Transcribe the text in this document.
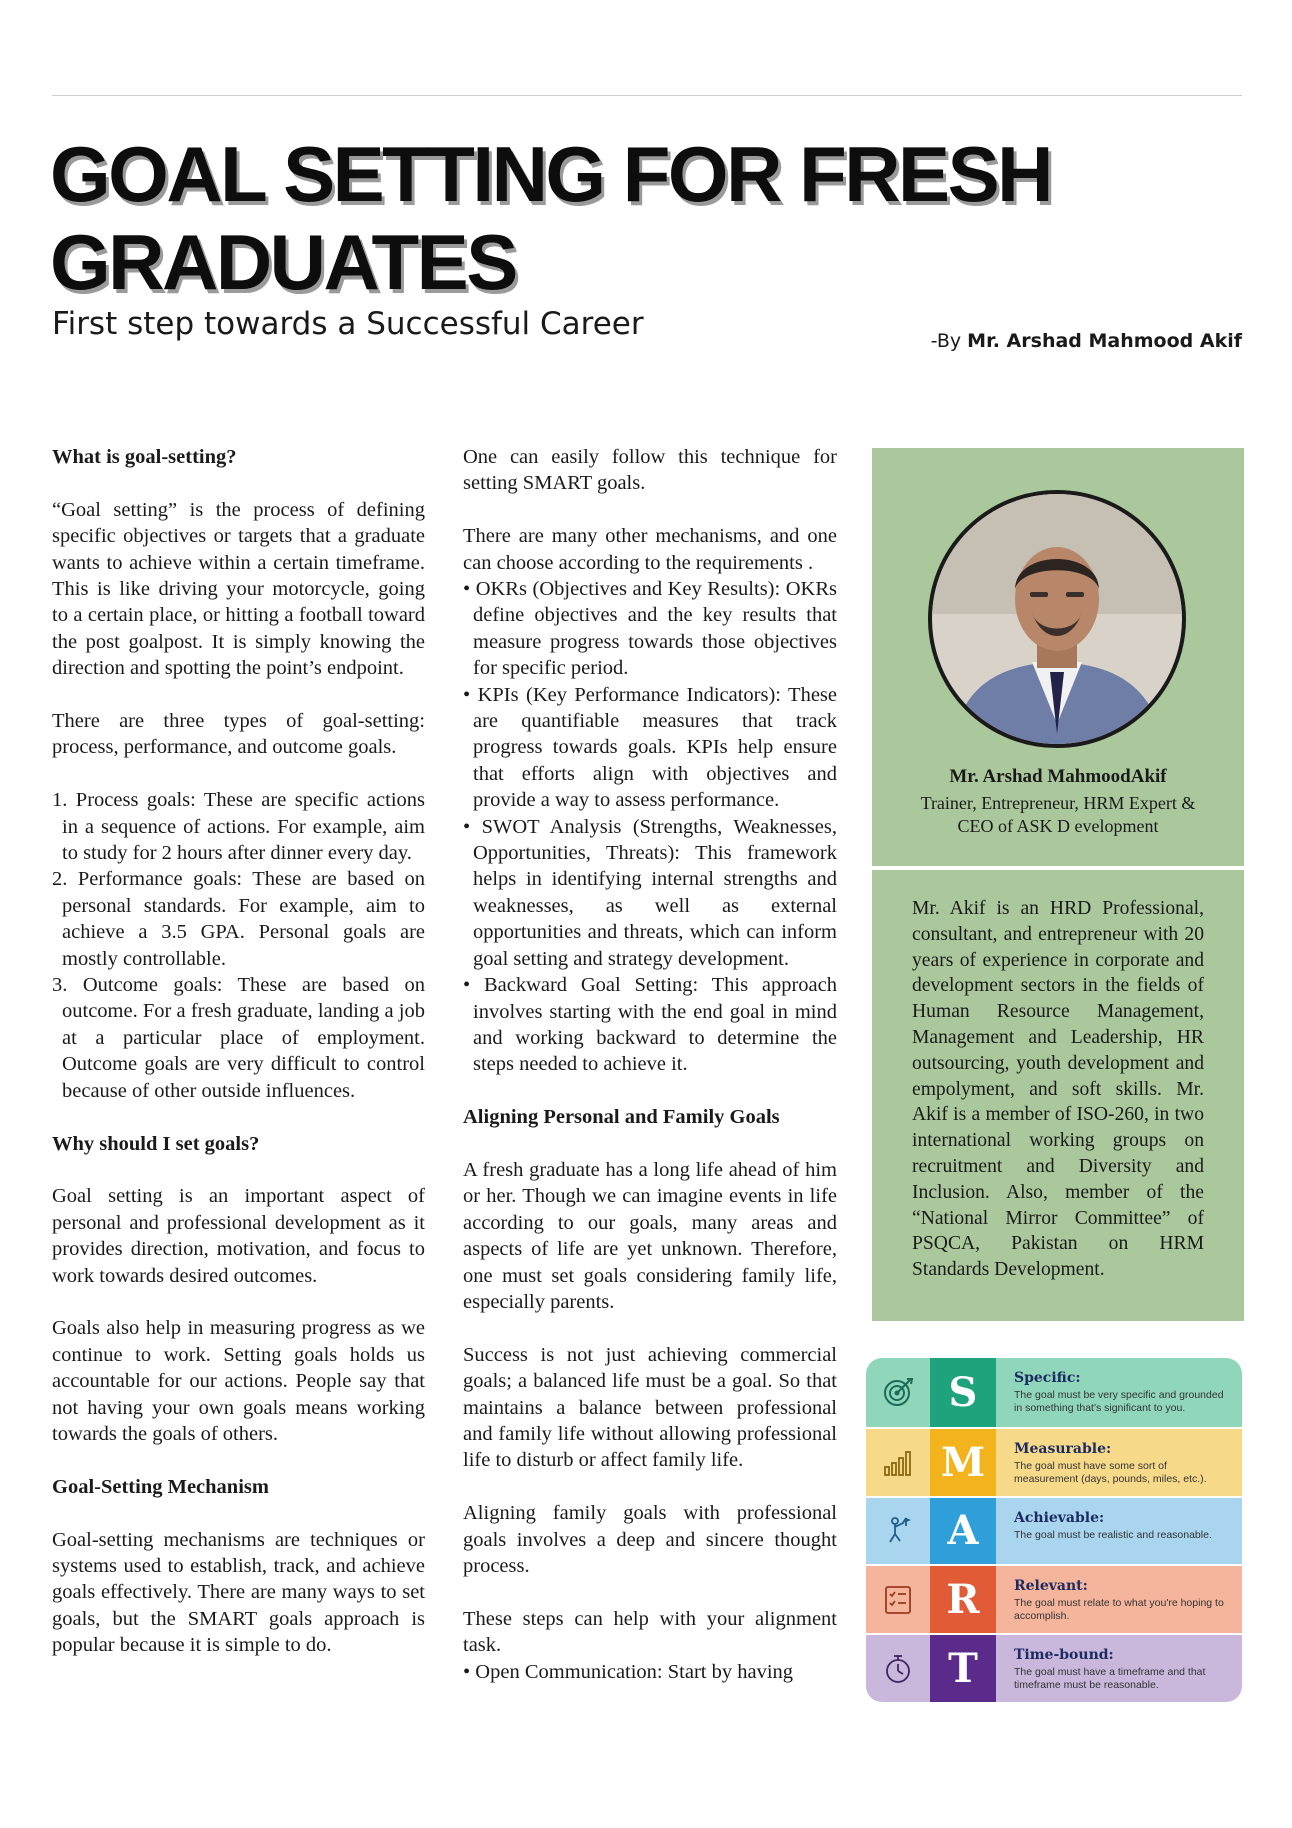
GOAL SETTING FOR FRESH GRADUATES
First step towards a Successful Career	-By Mr. Arshad Mahmood Akif
What is goal-setting?

“Goal setting” is the process of defining specific objectives or targets that a graduate wants to achieve within a certain timeframe. This is like driving your motorcycle, going to a certain place, or hitting a football toward the post goalpost. It is simply knowing the direction and spotting the point’s endpoint.

There are three types of goal-setting: process, performance, and outcome goals.

1. Process goals: These are specific actions in a sequence of actions. For example, aim to study for 2 hours after dinner every day.
2. Performance goals: These are based on personal standards. For example, aim to achieve a 3.5 GPA. Personal goals are mostly controllable.
3. Outcome goals: These are based on outcome. For a fresh graduate, landing a job at a particular place of employment. Outcome goals are very difficult to control because of other outside influences.
Why should I set goals?

Goal setting is an important aspect of personal and professional development as it provides direction, motivation, and focus to work towards desired outcomes.

Goals also help in measuring progress as we continue to work. Setting goals holds us accountable for our actions. People say that not having your own goals means working towards the goals of others.

Goal-Setting Mechanism

Goal-setting mechanisms are techniques or systems used to establish, track, and achieve goals effectively. There are many ways to set goals, but the SMART goals approach is popular because it is simple to do.

One can easily follow this technique for setting SMART goals.

There are many other mechanisms, and one can choose according to the requirements .

• OKRs (Objectives and Key Results): OKRs define objectives and the key results that measure progress towards those objectives for specific period.
• KPIs (Key Performance Indicators): These are quantifiable measures that track progress towards goals. KPIs help ensure that efforts align with objectives and provide a way to assess performance.
• SWOT Analysis (Strengths, Weaknesses, Opportunities, Threats): This framework helps in identifying internal strengths and weaknesses, as well as external opportunities and threats, which can inform goal setting and strategy development.
• Backward Goal Setting: This approach involves starting with the end goal in mind and working backward to determine the steps needed to achieve it.
Aligning Personal and Family Goals

A fresh graduate has a long life ahead of him or her. Though we can imagine events in life according to our goals, many areas and aspects of life are yet unknown. Therefore, one must set goals considering family life, especially parents.

Success is not just achieving commercial goals; a balanced life must be a goal. So that maintains a balance between professional and family life without allowing professional life to disturb or affect family life.

Aligning family goals with professional goals involves a deep and sincere thought process.

These steps can help with your alignment task.

• Open Communication: Start by having
Mr. Arshad MahmoodAkif
Trainer, Entrepreneur, HRM Expert & CEO of ASK D evelopment

Mr. Akif is an HRD Professional, consultant, and entrepreneur with 20 years of experience in corporate and development sectors in the fields of Human Resource Management, Management and Leadership, HR outsourcing, youth development and empolyment, and soft skills. Mr. Akif is a member of ISO-260, in two international working groups on recruitment and Diversity and Inclusion. Also, member of the “National Mirror Committee” of PSQCA, Pakistan on HRM Standards Development.

S	Specific:
The goal must be very specific and grounded in something that's significant to you.
M	Measurable:
The goal must have some sort of measurement (days, pounds, miles, etc.).
A	Achievable:
The goal must be realistic and reasonable.
R	Relevant:
The goal must relate to what you're hoping to accomplish.
T	Time-bound:
The goal must have a timeframe and that timeframe must be reasonable.
